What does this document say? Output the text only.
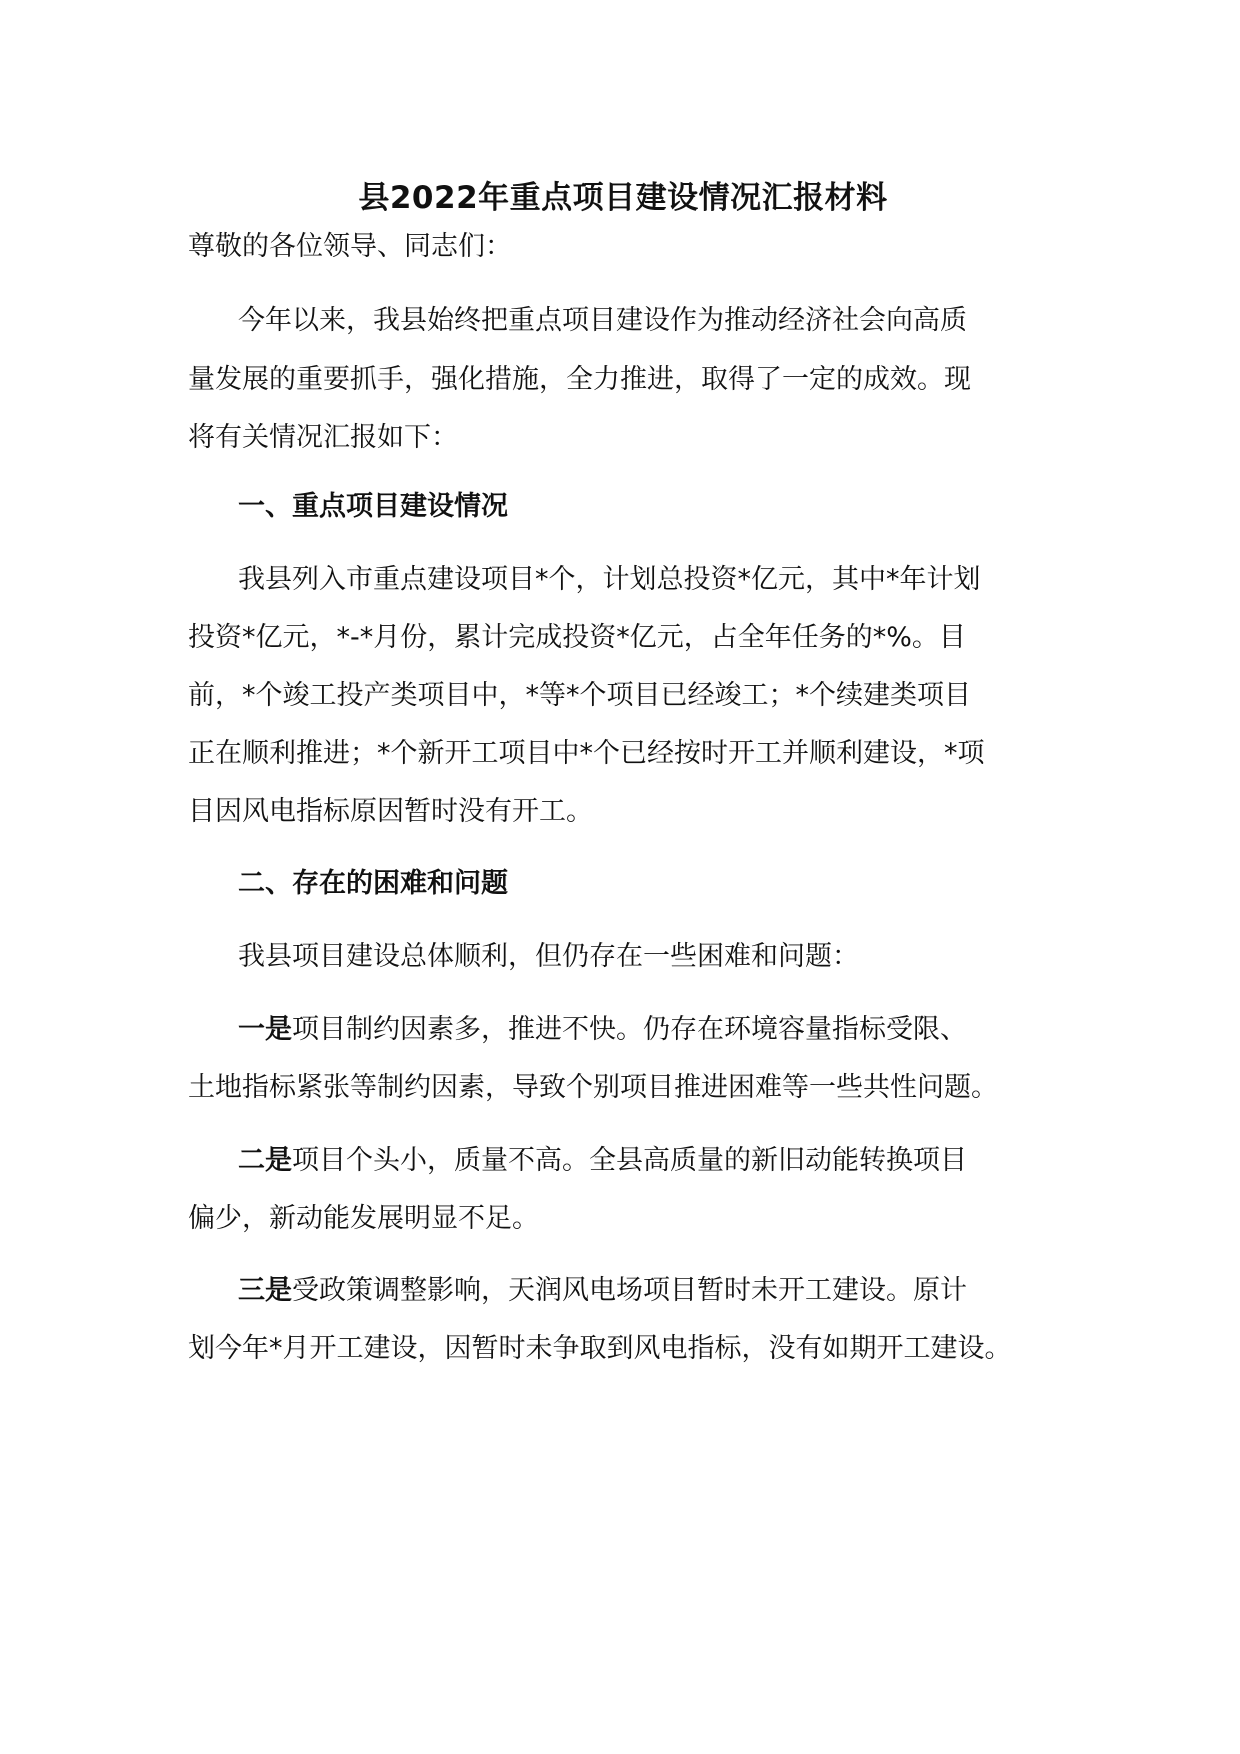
县2022年重点项目建设情况汇报材料
尊敬的各位领导、同志们：
今年以来，我县始终把重点项目建设作为推动经济社会向高质
量发展的重要抓手，强化措施，全力推进，取得了一定的成效。现
将有关情况汇报如下：
一、重点项目建设情况
我县列入市重点建设项目*个，计划总投资*亿元，其中*年计划
投资*亿元，*-*月份，累计完成投资*亿元，占全年任务的*%。目
前，*个竣工投产类项目中，*等*个项目已经竣工；*个续建类项目
正在顺利推进；*个新开工项目中*个已经按时开工并顺利建设，*项
目因风电指标原因暂时没有开工。
二、存在的困难和问题
我县项目建设总体顺利，但仍存在一些困难和问题：
一是项目制约因素多，推进不快。仍存在环境容量指标受限、
土地指标紧张等制约因素，导致个别项目推进困难等一些共性问题。
二是项目个头小，质量不高。全县高质量的新旧动能转换项目
偏少，新动能发展明显不足。
三是受政策调整影响，天润风电场项目暂时未开工建设。原计
划今年*月开工建设，因暂时未争取到风电指标，没有如期开工建设。
